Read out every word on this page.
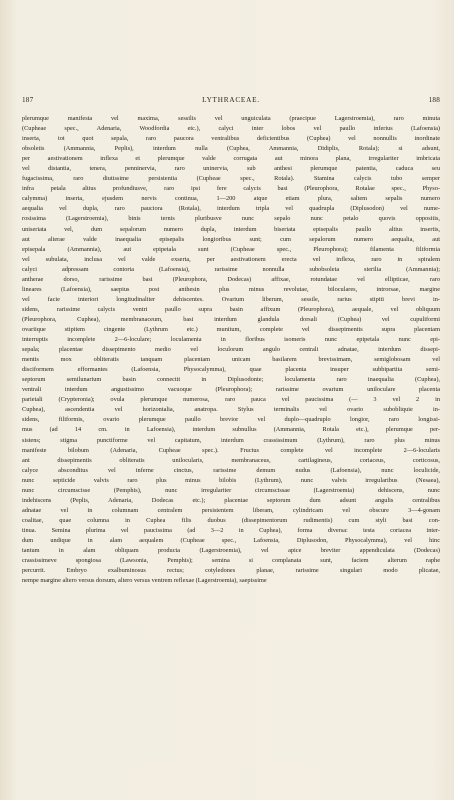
187	LYTHRACEAE.	188
plerumque manifesta vel maxima, sessilis vel unguiculata (praecipue Lagerstroemia), raro minuta
(Cupheae spec., Adenaria, Woodfordia etc.), calyci inter lobos vel paullo inferius (Lafoensia)
inserta, tot quot sepala, raro paucora ventralibus deficientibus (Cuphea) vel nonnullis inordinate
obsoletis (Ammannia, Peplis), interdum nulla (Cuphea, Ammannia, Didiplis, Rotala); si adsunt,
per aestivationem inflexa et plerumque valde corrugata aut minora plana, irregulariter imbricata
vel distantia, tenera, penninervia, raro uninervia, sub anthesi plerumque patentia, caduca seu
fugacissima, raro diutissime persistentia (Cupheae spec., Rotala). Stamina calycis tubo semper
infra petala altius profundiusve, raro ipsi fere calycis basi (Pleurophora, Rotalae spec., Physo-
calymma) inserta, ejusdem nervis continua, 1—200 atque etiam plura, saltem sepalis numero
aequalia vel dupla, raro pauciora (Rotala), interdum tripla vel quadrupla (Diplusodon) vel nume-
rosissima (Lagerstroemia), binis ternis pluribusve nunc sepalo nunc petalo quovis oppositis,
uniseriata vel, dum sepalorum numero dupla, interdum biseriata episepalis paullo altius insertis,
aut alterae valde inaequalia episepalis longioribus sunt; cum sepalorum numero aequalia, aut
episepala (Ammannia), aut epipetala sunt (Cupheae spec., Pleurophora); filamenta filiformia
vel subulata, inclusa vel valde exserta, per aestivationem erecta vel inflexa, raro in spiralem
calyci adpressam contorta (Lafoensia), rarissime nonnulla subobsoleta sterilia (Ammannia);
antherae dorso, rarissime basi (Pleurophora, Dodecas) affixae, rotundatae vel ellipticae, raro
lineares (Lafoensia), saepius post anthesin plus minus revolutae, biloculares, introrsae, margine
vel facie interiori longitudinaliter dehiscentes. Ovarium liberum, sessile, rarius stipiti brevi in-
sidens, rarissime calycis ventri paullo supra basin affixum (Pleurophora), aequale, vel obliquum
(Pleurophora, Cuphea), membranaceum, basi interdum glandula dorsali (Cuphea) vel cupuliformi
ovariique stipitem cingente (Lythrum etc.) munitum, complete vel dissepimentis supra placentam
interruptis incomplete 2—6-loculare; loculamenta in floribus isomeris nunc epipetala nunc epi-
sepala; placentae dissepimento medio vel loculorum angulo centrali adnatae, interdum dissepi-
mentis mox obliteratis tanquam placentam unicam basilarem brevissimam, semiglobosam vel
disciformem efformantes (Lafoensia, Physocalymma), quae placenta insuper subbipartita semi-
septorum semilunarium basin connectit in Diplusodonte; loculamenta raro inaequalia (Cuphea),
ventrali interdum angustissimo vacuoque (Pleurophora); rarissime ovarium uniloculare placenta
parietali (Crypteronia); ovula plerumque numerosa, raro pauca vel paucissima (— 3 vel 2 in
Cuphea), ascendentia vel horizontalia, anatropa. Stylus terminalis vel ovario subobliquie in-
sidens, filiformis, ovario plerumque paullo brevior vel duplo—quadruplo longior, raro longissi-
mus (ad 14 cm. in Lafoensia), interdum subnullus (Ammannia, Rotala etc.), plerumque per-
sistens; stigma punctiforme vel capitatum, interdum crassissimum (Lythrum), raro plus minus
manifeste bilobum (Adenaria, Cupheae spec.). Fructus complete vel incomplete 2—6-locularis
ant dissepimentis obliteratis unilocularis, membranaceus, cartilagineus, coriaceus, corticosus,
calyce absconditus vel inferne cinctus, rarissime demum nudus (Lafoensia), nunc loculicide,
nunc septicide valvis raro plus minus bilobis (Lythrum), nunc valvis irregularibus (Nesaea),
nunc circumscisse (Pemphis), nunc irregulariter circumscissae (Lagerstroemia) dehiscens, nunc
indehiscens (Peplis, Adenaria, Dodecas etc.); placentae septorum dum adsunt angulis centralibus
adnatae vel in columnam centralem persistentem liberam, cylindricam vel obscure 3—4-gonam
coalitae, quae columna in Cuphea filis duobus (dissepimentorum rudimentis) cum styli basi con-
tinua. Semina plurima vel paucissima (ad 3—2 in Cuphea), forma diversa: testa coriacea inter-
dum undique in alam aequalem (Cupheae spec., Lafoensia, Diplusodon, Physocalymma), vel hinc
tantum in alam obliquam producta (Lagerstroemia), vel apice breviter appendiculata (Dodecas)
crassissimeve spongiosa (Lawsonia, Pemphis); semina si complanata sunt, faciem alterum raphe
percurrit. Embryo exalbuminosus rectus; cotyledones planae, rarissime singulari modo plicatae,
nempe margine altero versus dorsum, altero versus ventrem reflexae (Lagerstroemia), saepissime
